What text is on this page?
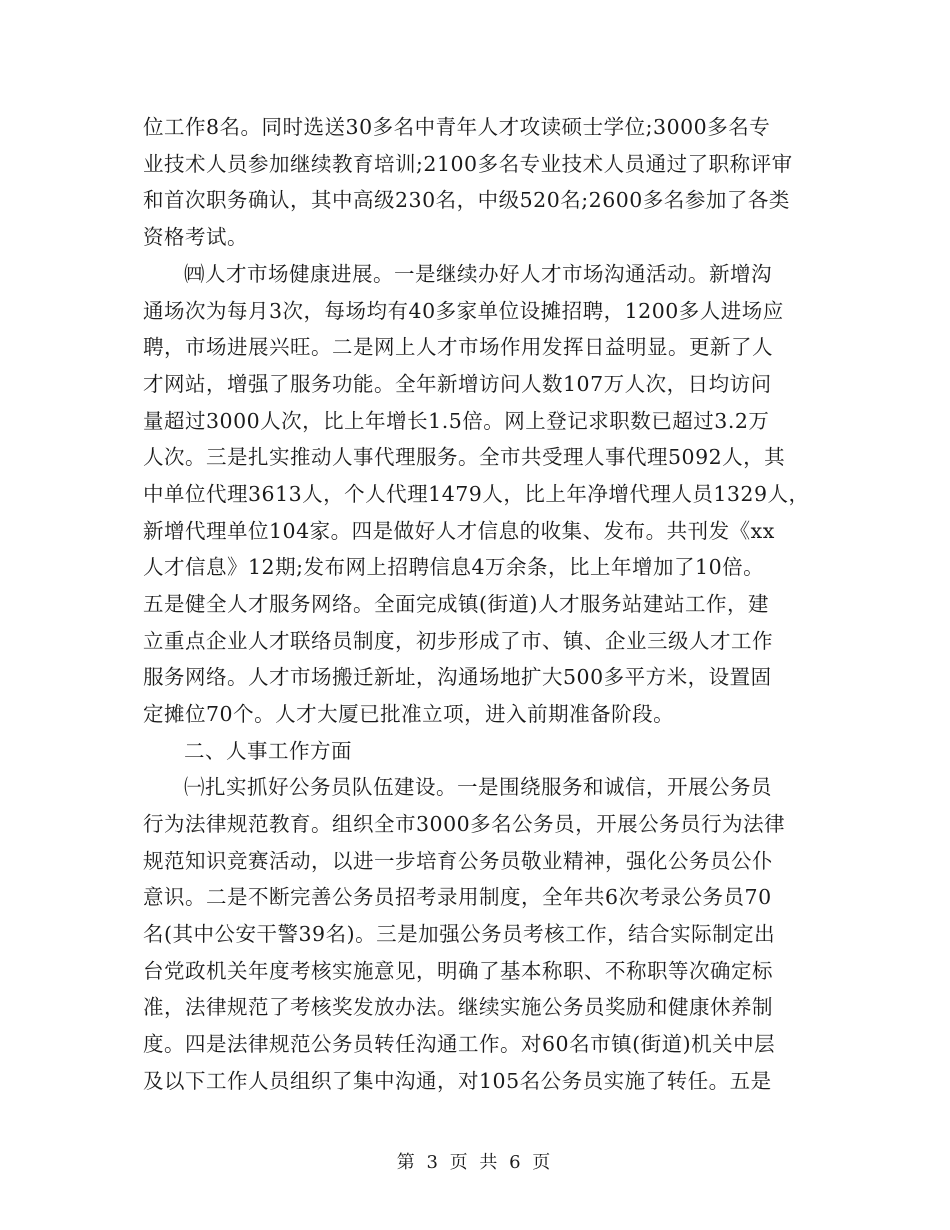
位工作8名。同时选送30多名中青年人才攻读硕士学位;3000多名专
业技术人员参加继续教育培训;2100多名专业技术人员通过了职称评审
和首次职务确认，其中高级230名，中级520名;2600多名参加了各类
资格考试。
㈣人才市场健康进展。一是继续办好人才市场沟通活动。新增沟
通场次为每月3次，每场均有40多家单位设摊招聘，1200多人进场应
聘，市场进展兴旺。二是网上人才市场作用发挥日益明显。更新了人
才网站，增强了服务功能。全年新增访问人数107万人次，日均访问
量超过3000人次，比上年增长1.5倍。网上登记求职数已超过3.2万
人次。三是扎实推动人事代理服务。全市共受理人事代理5092人，其
中单位代理3613人，个人代理1479人，比上年净增代理人员1329人，
新增代理单位104家。四是做好人才信息的收集、发布。共刊发《xx
人才信息》12期;发布网上招聘信息4万余条，比上年增加了10倍。
五是健全人才服务网络。全面完成镇(街道)人才服务站建站工作，建
立重点企业人才联络员制度，初步形成了市、镇、企业三级人才工作
服务网络。人才市场搬迁新址，沟通场地扩大500多平方米，设置固
定摊位70个。人才大厦已批准立项，进入前期准备阶段。
二、人事工作方面
㈠扎实抓好公务员队伍建设。一是围绕服务和诚信，开展公务员
行为法律规范教育。组织全市3000多名公务员，开展公务员行为法律
规范知识竞赛活动，以进一步培育公务员敬业精神，强化公务员公仆
意识。二是不断完善公务员招考录用制度，全年共6次考录公务员70
名(其中公安干警39名)。三是加强公务员考核工作，结合实际制定出
台党政机关年度考核实施意见，明确了基本称职、不称职等次确定标
准，法律规范了考核奖发放办法。继续实施公务员奖励和健康休养制
度。四是法律规范公务员转任沟通工作。对60名市镇(街道)机关中层
及以下工作人员组织了集中沟通，对105名公务员实施了转任。五是
第 3 页 共 6 页
